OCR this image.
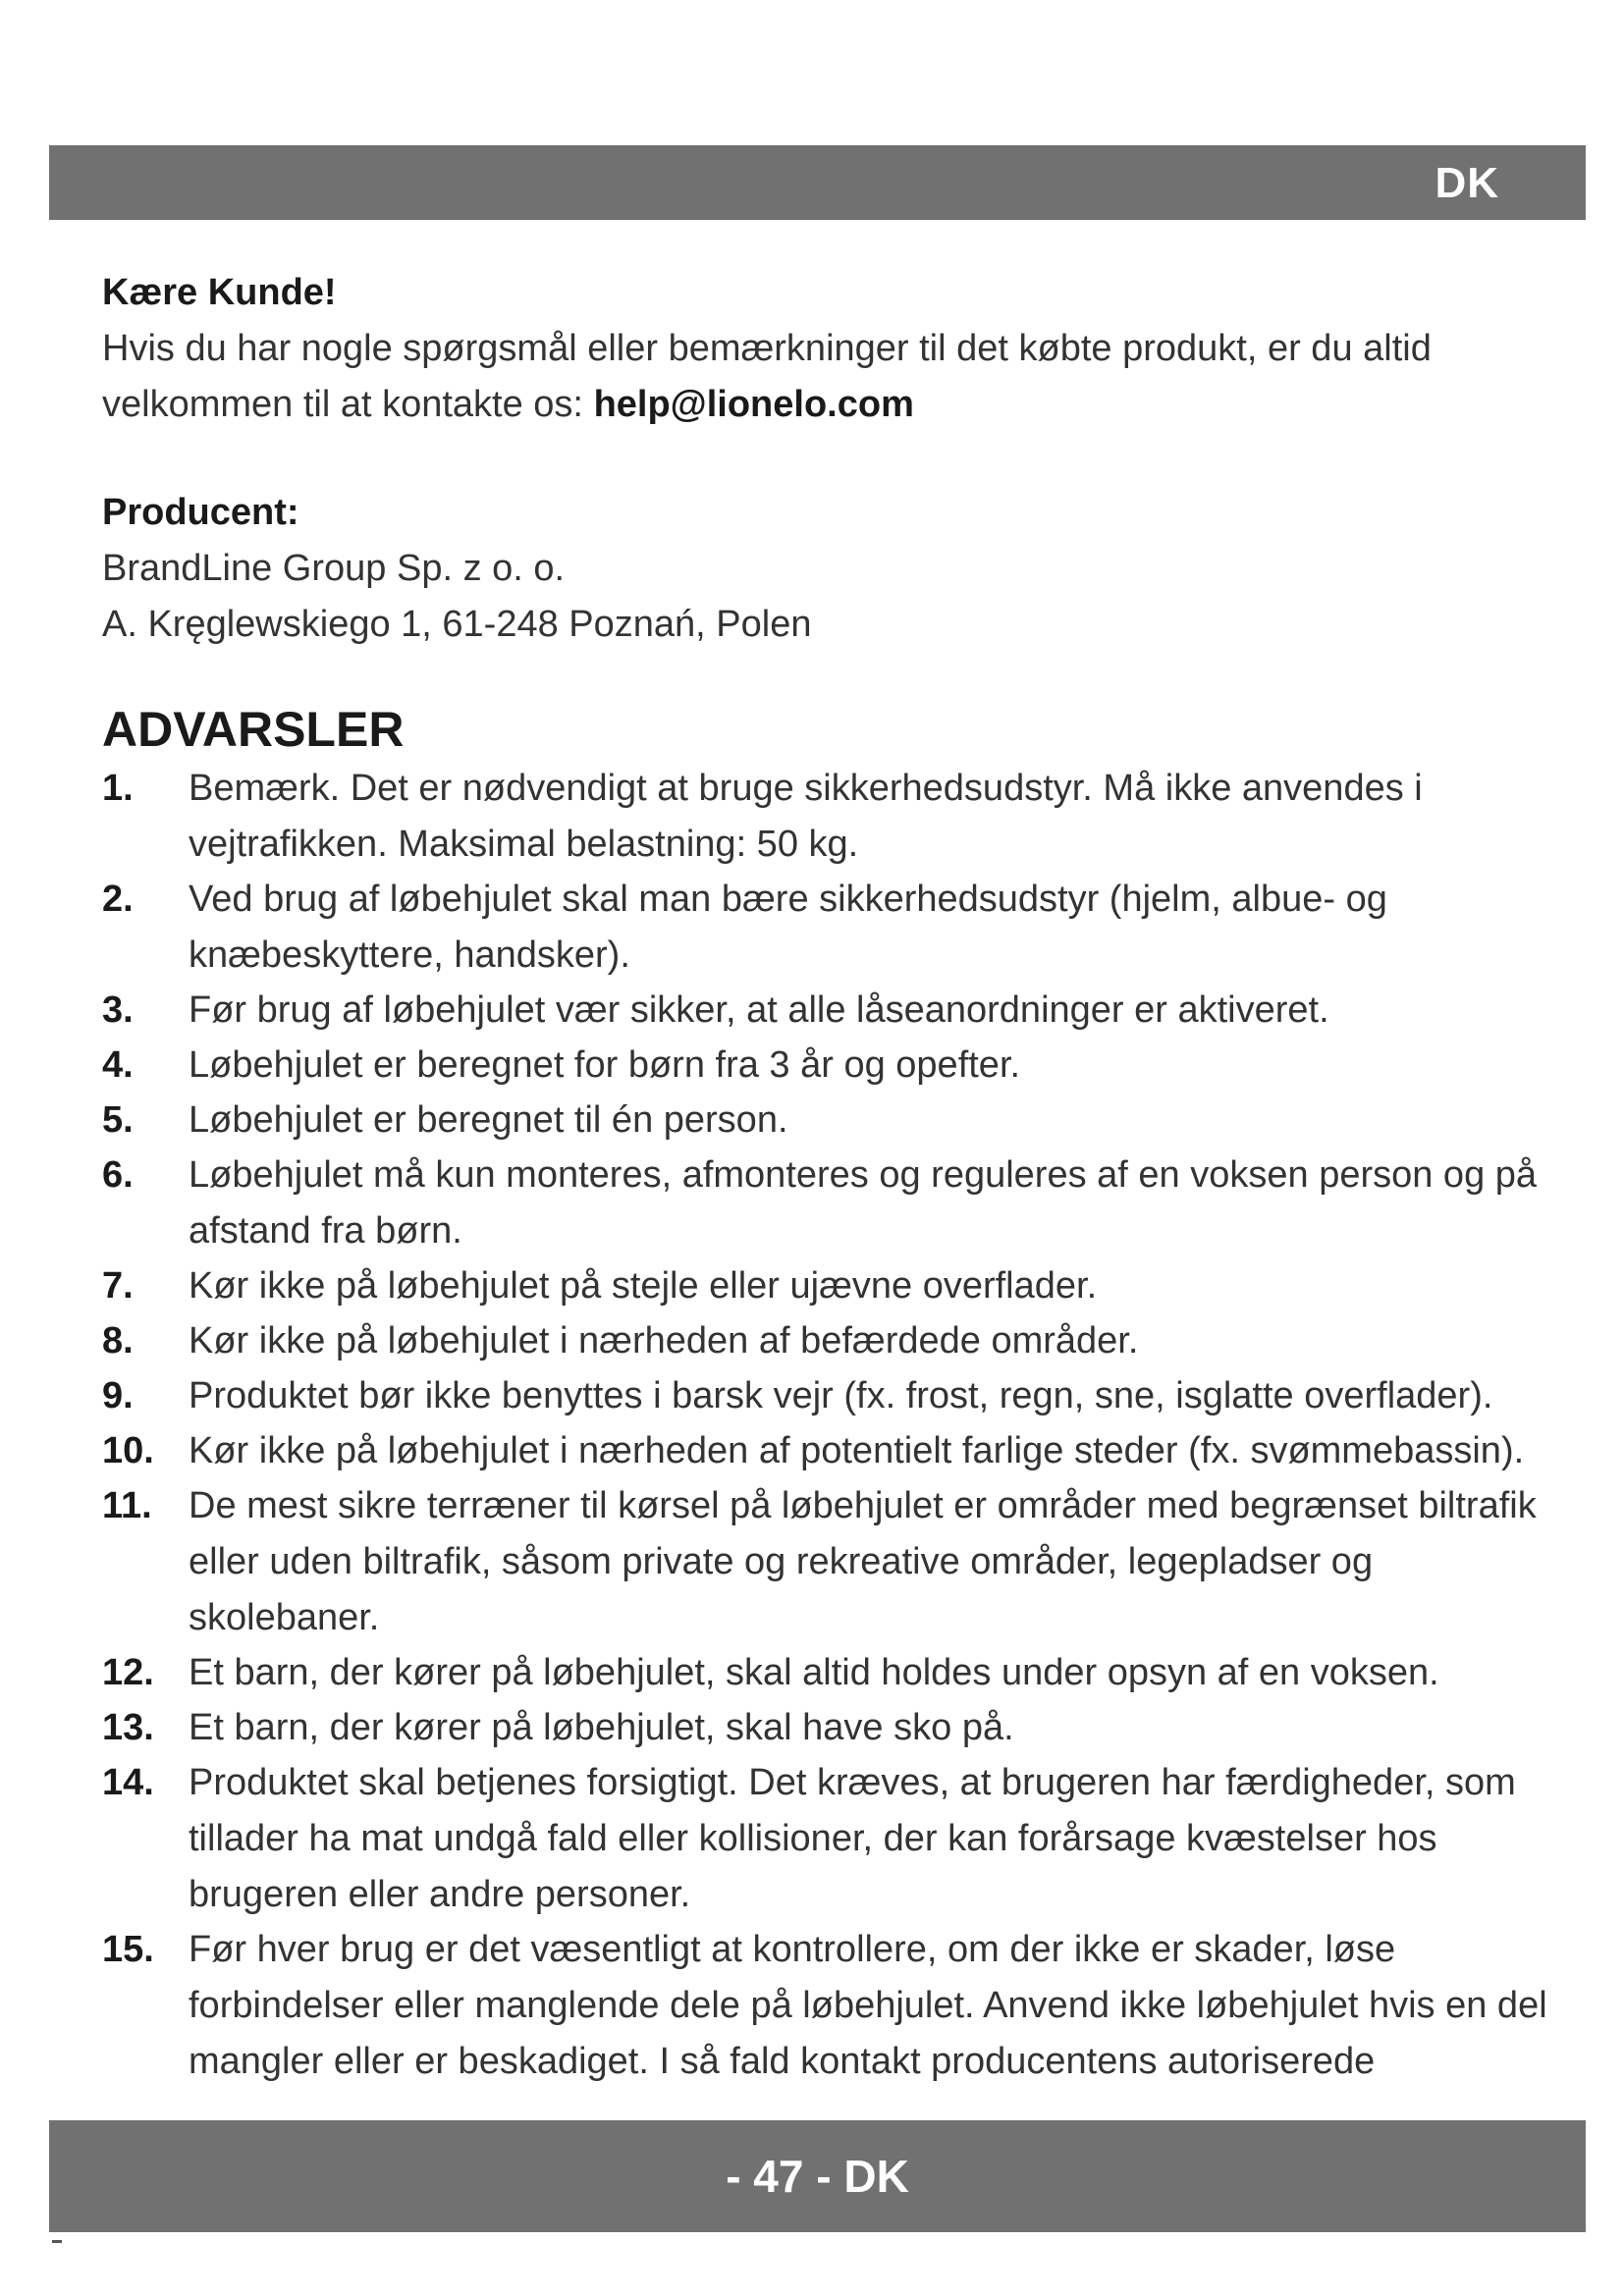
DK

Kære Kunde!

Hvis du har nogle spørgsmål eller bemærkninger til det købte produkt, er du altid velkommen til at kontakte os: help@lionelo.com

Producent:

BrandLine Group Sp. z o. o.

A. Kręglewskiego 1, 61-248 Poznań, Polen

ADVARSLER
1. Bemærk. Det er nødvendigt at bruge sikkerhedsudstyr. Må ikke anvendes i vejtrafikken. Maksimal belastning: 50 kg.
2. Ved brug af løbehjulet skal man bære sikkerhedsudstyr (hjelm, albue- og knæbeskyttere, handsker).
3. Før brug af løbehjulet vær sikker, at alle låseanordninger er aktiveret.
4. Løbehjulet er beregnet for børn fra 3 år og opefter.
5. Løbehjulet er beregnet til én person.
6. Løbehjulet må kun monteres, afmonteres og reguleres af en voksen person og på afstand fra børn.
7. Kør ikke på løbehjulet på stejle eller ujævne overflader.
8. Kør ikke på løbehjulet i nærheden af befærdede områder.
9. Produktet bør ikke benyttes i barsk vejr (fx. frost, regn, sne, isglatte overflader).
10. Kør ikke på løbehjulet i nærheden af potentielt farlige steder (fx. svømmebassin).
11. De mest sikre terræner til kørsel på løbehjulet er områder med begrænset biltrafik eller uden biltrafik, såsom private og rekreative områder, legepladser og skolebaner.
12. Et barn, der kører på løbehjulet, skal altid holdes under opsyn af en voksen.
13. Et barn, der kører på løbehjulet, skal have sko på.
14. Produktet skal betjenes forsigtigt. Det kræves, at brugeren har færdigheder, som tillader ha mat undgå fald eller kollisioner, der kan forårsage kvæstelser hos brugeren eller andre personer.
15. Før hver brug er det væsentligt at kontrollere, om der ikke er skader, løse forbindelser eller manglende dele på løbehjulet. Anvend ikke løbehjulet hvis en del mangler eller er beskadiget. I så fald kontakt producentens autoriserede
- 47 - DK
